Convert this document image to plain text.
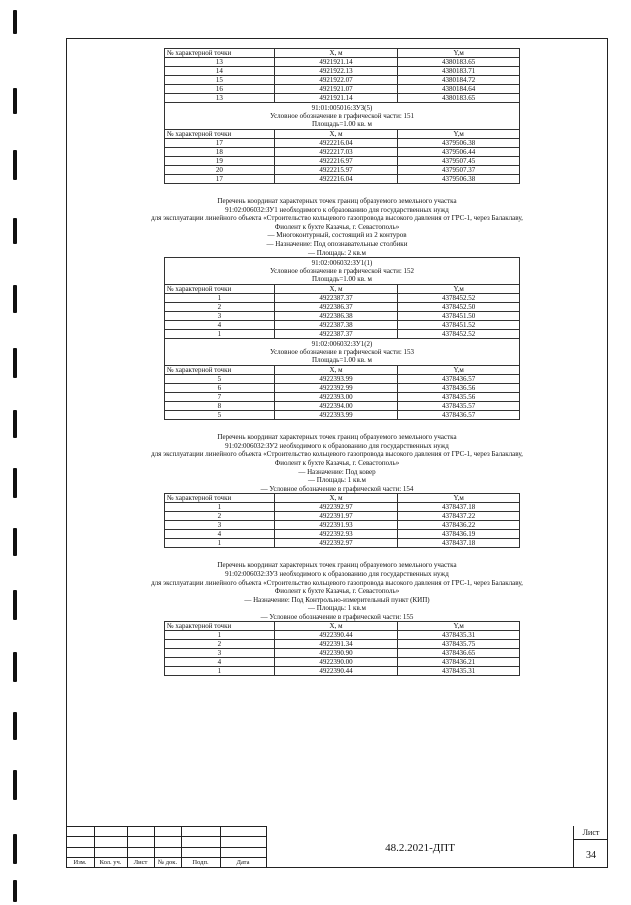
№ характерной точки	X, м	Y,м
13	4921921.14	4380183.65
14	4921922.13	4380183.71
15	4921922.07	4380184.72
16	4921921.07	4380184.64
13	4921921.14	4380183.65

91:01:005016:ЗУЗ(5)
Условное обозначение в графической части: 151
Площадь=1.00 кв. м		

№ характерной точки	X, м	Y,м
17	4922216.04	4379506.38
18	4922217.03	4379506.44
19	4922216.97	4379507.45
20	4922215.97	4379507.37
17	4922216.04	4379506.38
Перечень координат характерных точек границ образуемого земельного участка
91:02:006032:ЗУ1 необходимого к образованию для государственных нужд
для эксплуатации линейного объекта «Строительство кольцевого газопровода высокого давления от ГРС-1, через Балаклаву,
Фиолент к бухте Казачья, г. Севастополь»
— Многоконтурный, состоящий из 2 контуров
— Назначение: Под опознавательные столбики
— Площадь: 2 кв.м
91:02:006032:ЗУ1(1)
Условное обозначение в графической части: 152
Площадь=1.00 кв. м		

№ характерной точки	X, м	Y,м
1	4922387.37	4378452.52
2	4922386.37	4378452.50
3	4922386.38	4378451.50
4	4922387.38	4378451.52
1	4922387.37	4378452.52

91:02:006032:ЗУ1(2)
Условное обозначение в графической части: 153
Площадь=1.00 кв. м		

№ характерной точки	X, м	Y,м
5	4922393.99	4378436.57
6	4922392.99	4378436.56
7	4922393.00	4378435.56
8	4922394.00	4378435.57
5	4922393.99	4378436.57
Перечень координат характерных точек границ образуемого земельного участка
91:02:006032:ЗУ2 необходимого к образованию для государственных нужд
для эксплуатации линейного объекта «Строительство кольцевого газопровода высокого давления от ГРС-1, через Балаклаву,
Фиолент к бухте Казачья, г. Севастополь»
— Назначение: Под ковер
— Площадь: 1 кв.м
— Условное обозначение в графической части: 154
№ характерной точки	X, м	Y,м
1	4922392.97	4378437.18
2	4922391.97	4378437.22
3	4922391.93	4378436.22
4	4922392.93	4378436.19
1	4922392.97	4378437.18
Перечень координат характерных точек границ образуемого земельного участка
91:02:006032:ЗУЗ необходимого к образованию для государственных нужд
для эксплуатации линейного объекта «Строительство кольцевого газопровода высокого давления от ГРС-1, через Балаклаву,
Фиолент к бухте Казачья, г. Севастополь»
— Назначение: Под Контрольно-измерительный пункт (КИП)
— Площадь: 1 кв.м
— Условное обозначение в графической части: 155
№ характерной точки	X, м	Y,м
1	4922390.44	4378435.31
2	4922391.34	4378435.75
3	4922390.90	4378436.65
4	4922390.00	4378436.21
1	4922390.44	4378435.31
Изм.	Кол. уч.	Лист	№ док.	Подп.	Дата
48.2.2021-ДПТ
Лист
34
